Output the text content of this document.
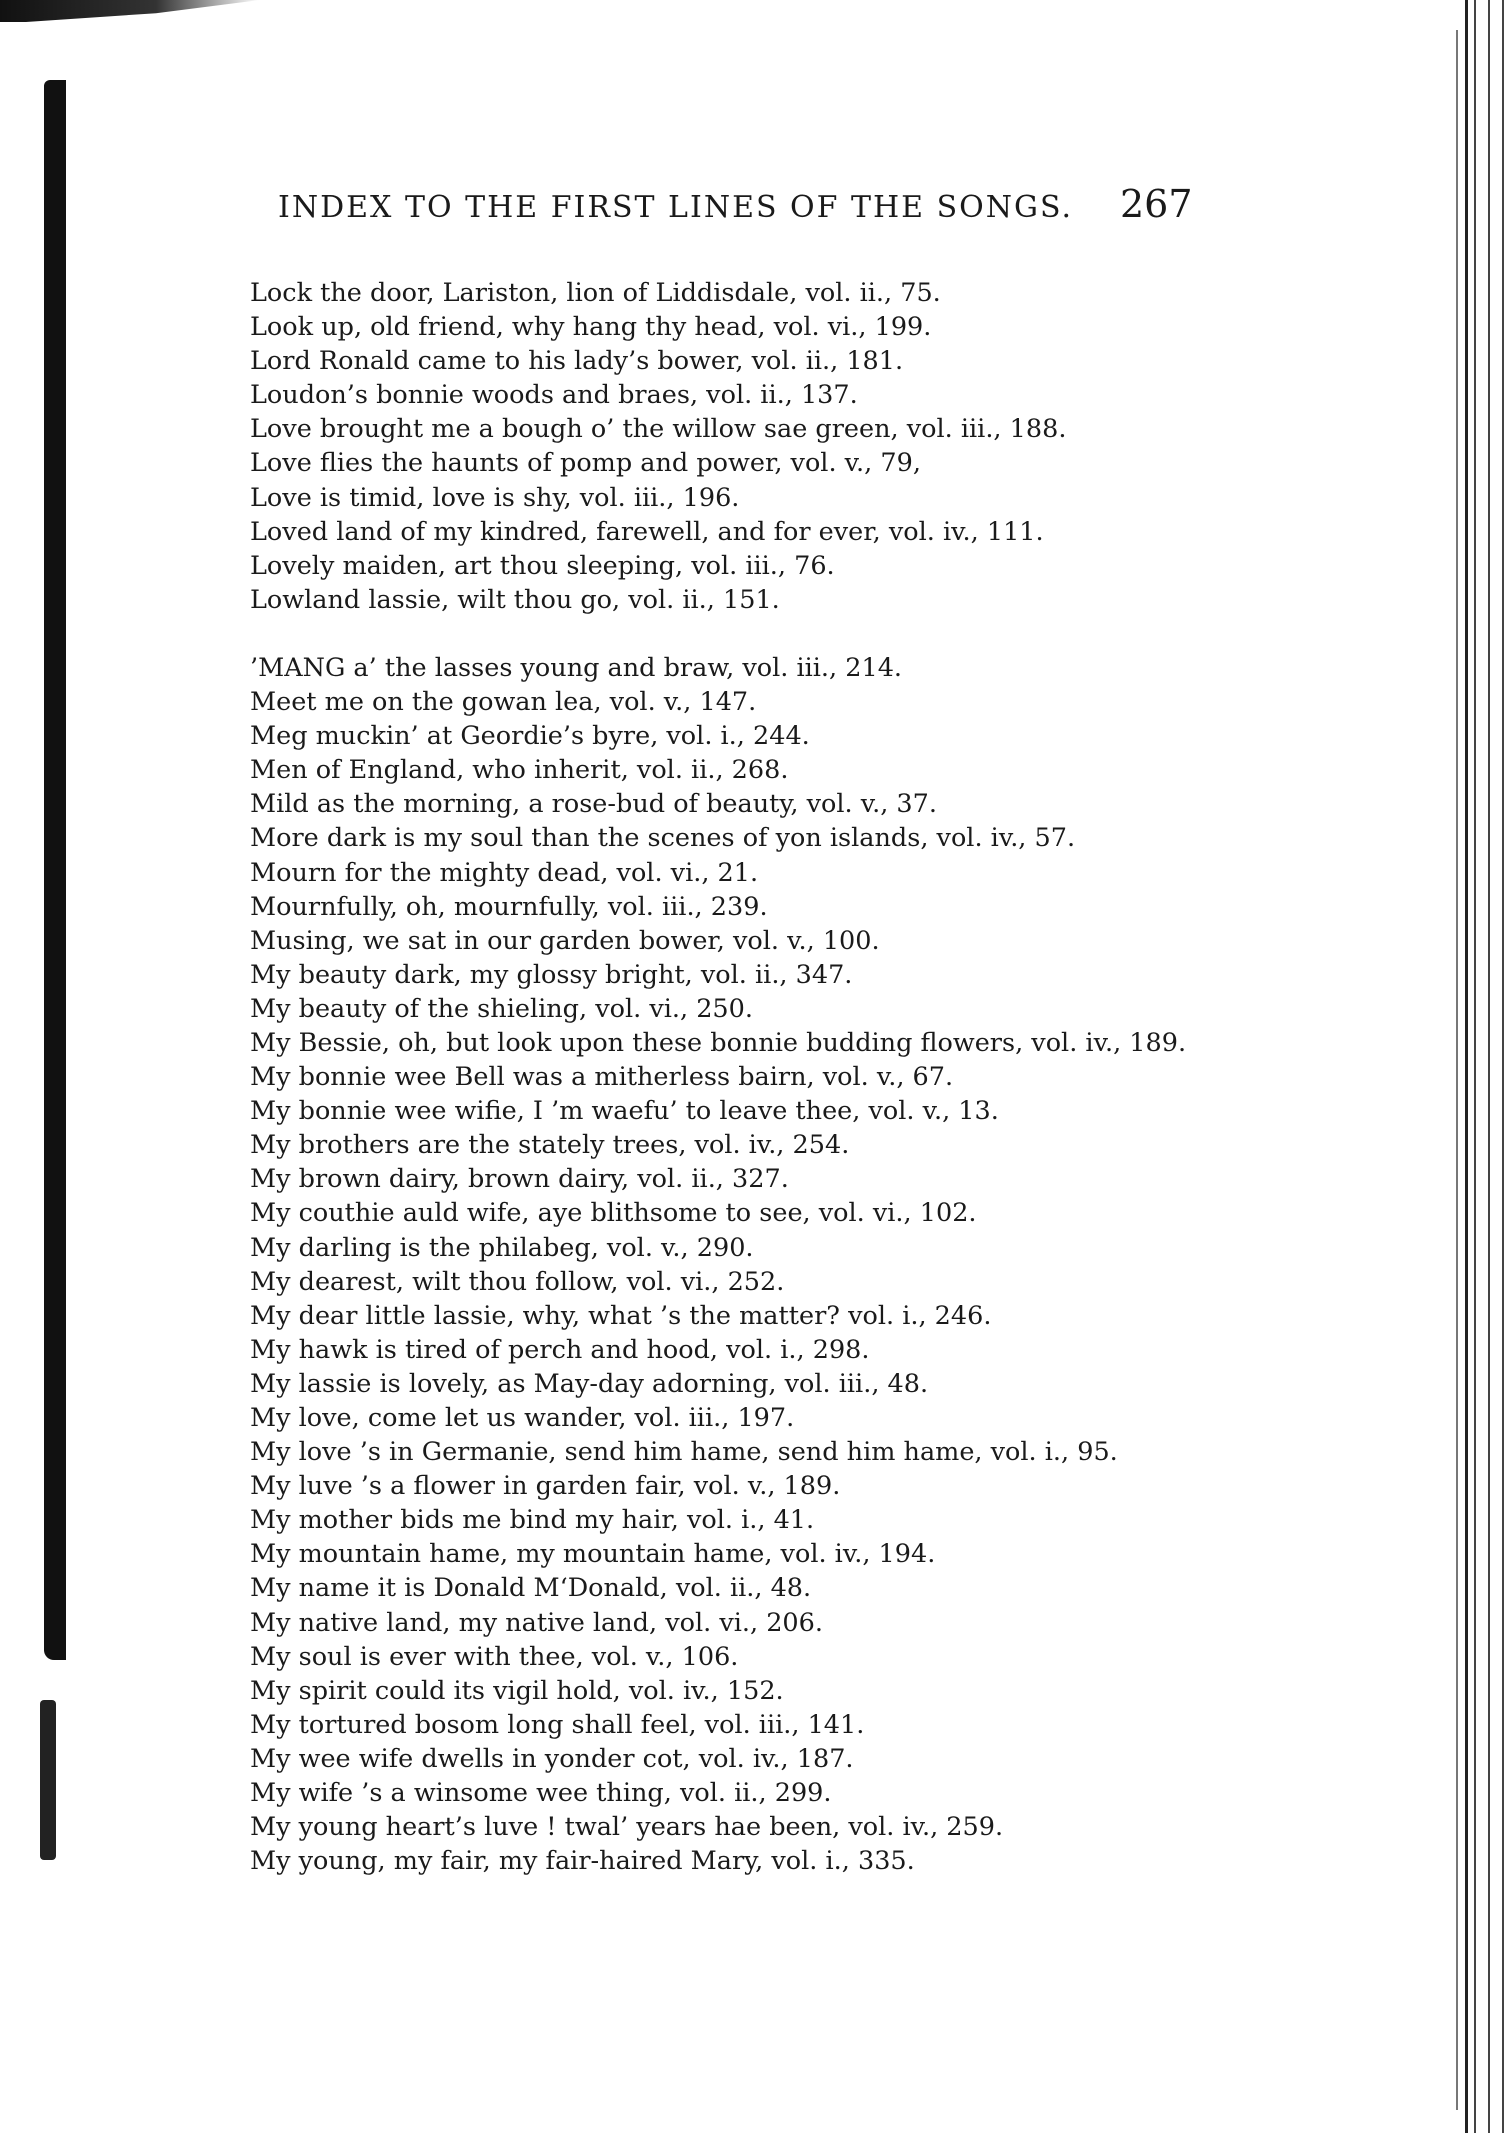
INDEX TO THE FIRST LINES OF THE SONGS. 267
Lock the door, Lariston, lion of Liddisdale, vol. ii., 75.
Look up, old friend, why hang thy head, vol. vi., 199.
Lord Ronald came to his lady’s bower, vol. ii., 181.
Loudon’s bonnie woods and braes, vol. ii., 137.
Love brought me a bough o’ the willow sae green, vol. iii., 188.
Love flies the haunts of pomp and power, vol. v., 79,
Love is timid, love is shy, vol. iii., 196.
Loved land of my kindred, farewell, and for ever, vol. iv., 111.
Lovely maiden, art thou sleeping, vol. iii., 76.
Lowland lassie, wilt thou go, vol. ii., 151.
’MANG a’ the lasses young and braw, vol. iii., 214.
Meet me on the gowan lea, vol. v., 147.
Meg muckin’ at Geordie’s byre, vol. i., 244.
Men of England, who inherit, vol. ii., 268.
Mild as the morning, a rose-bud of beauty, vol. v., 37.
More dark is my soul than the scenes of yon islands, vol. iv., 57.
Mourn for the mighty dead, vol. vi., 21.
Mournfully, oh, mournfully, vol. iii., 239.
Musing, we sat in our garden bower, vol. v., 100.
My beauty dark, my glossy bright, vol. ii., 347.
My beauty of the shieling, vol. vi., 250.
My Bessie, oh, but look upon these bonnie budding flowers, vol. iv., 189.
My bonnie wee Bell was a mitherless bairn, vol. v., 67.
My bonnie wee wifie, I ’m waefu’ to leave thee, vol. v., 13.
My brothers are the stately trees, vol. iv., 254.
My brown dairy, brown dairy, vol. ii., 327.
My couthie auld wife, aye blithsome to see, vol. vi., 102.
My darling is the philabeg, vol. v., 290.
My dearest, wilt thou follow, vol. vi., 252.
My dear little lassie, why, what ’s the matter? vol. i., 246.
My hawk is tired of perch and hood, vol. i., 298.
My lassie is lovely, as May-day adorning, vol. iii., 48.
My love, come let us wander, vol. iii., 197.
My love ’s in Germanie, send him hame, send him hame, vol. i., 95.
My luve ’s a flower in garden fair, vol. v., 189.
My mother bids me bind my hair, vol. i., 41.
My mountain hame, my mountain hame, vol. iv., 194.
My name it is Donald M‘Donald, vol. ii., 48.
My native land, my native land, vol. vi., 206.
My soul is ever with thee, vol. v., 106.
My spirit could its vigil hold, vol. iv., 152.
My tortured bosom long shall feel, vol. iii., 141.
My wee wife dwells in yonder cot, vol. iv., 187.
My wife ’s a winsome wee thing, vol. ii., 299.
My young heart’s luve ! twal’ years hae been, vol. iv., 259.
My young, my fair, my fair-haired Mary, vol. i., 335.
